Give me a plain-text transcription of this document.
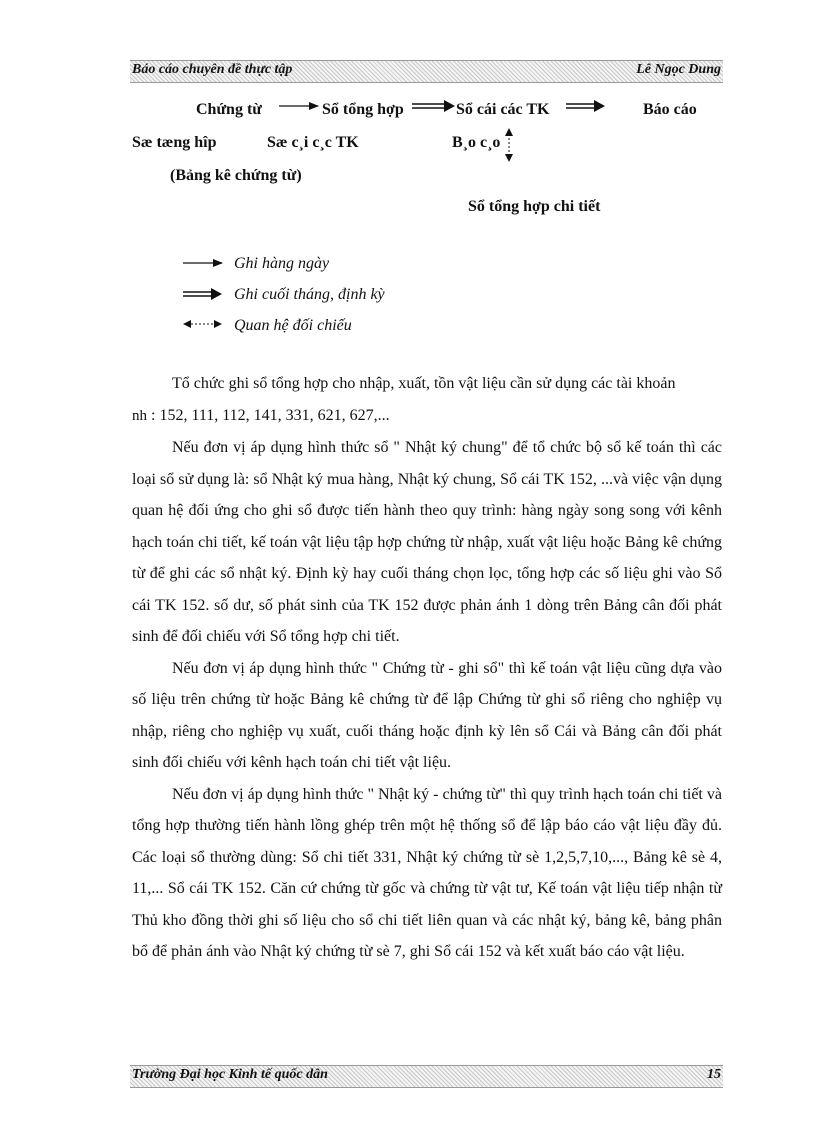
Báo cáo chuyên đề thực tập	Lê Ngọc Dung
Chứng từ	Sổ tổng hợp	Sổ cái các TK	Báo cáo
Sæ tæng hîp	Sæ c¸i c¸c TK	B¸o c¸o
(Bảng kê chứng từ)
Sổ tổng hợp chi tiết
Ghi hàng ngày
Ghi cuối tháng, định kỳ
Quan hệ đối chiếu

Tổ chức ghi sổ tổng hợp cho nhập, xuất, tồn vật liệu cần sử dụng các tài khoản

nh : 152, 111, 112, 141, 331, 621, 627,...

Nếu đơn vị áp dụng hình thức sổ " Nhật ký chung" để tổ chức bộ sổ kế toán thì các loại sổ sử dụng là: sổ Nhật ký mua hàng, Nhật ký chung, Sổ cái TK 152, ...và việc vận dụng quan hệ đối ứng cho ghi sổ được tiến hành theo quy trình: hàng ngày song song với kênh hạch toán chi tiết, kế toán vật liệu tập hợp chứng từ nhập, xuất vật liệu hoặc Bảng kê chứng từ để ghi các sổ nhật ký. Định kỳ hay cuối tháng chọn lọc, tổng hợp các số liệu ghi vào Sổ cái TK 152. số dư, số phát sinh của TK 152 được phản ánh 1 dòng trên Bảng cân đối phát sinh để đối chiếu với Sổ tổng hợp chi tiết.

Nếu đơn vị áp dụng hình thức " Chứng từ - ghi sổ" thì kế toán vật liệu cũng dựa vào số liệu trên chứng từ hoặc Bảng kê chứng từ để lập Chứng từ ghi sổ riêng cho nghiệp vụ nhập, riêng cho nghiệp vụ xuất, cuối tháng hoặc định kỳ lên sổ Cái và Bảng cân đối phát sinh đối chiếu với kênh hạch toán chi tiết vật liệu.

Nếu đơn vị áp dụng hình thức " Nhật ký - chứng từ" thì quy trình hạch toán chi tiết và tổng hợp thường tiến hành lồng ghép trên một hệ thống sổ để lập báo cáo vật liệu đầy đủ. Các loại sổ thường dùng: Sổ chi tiết 331, Nhật ký chứng từ sè 1,2,5,7,10,..., Bảng kê sè 4, 11,... Sổ cái TK 152. Căn cứ chứng từ gốc và chứng từ vật tư, Kế toán vật liệu tiếp nhận từ Thủ kho đồng thời ghi số liệu cho sổ chi tiết liên quan và các nhật ký, bảng kê, bảng phân bổ để phản ánh vào Nhật ký chứng từ sè 7, ghi Sổ cái 152 và kết xuất báo cáo vật liệu.

Trường Đại học Kinh tế quốc dân	15
